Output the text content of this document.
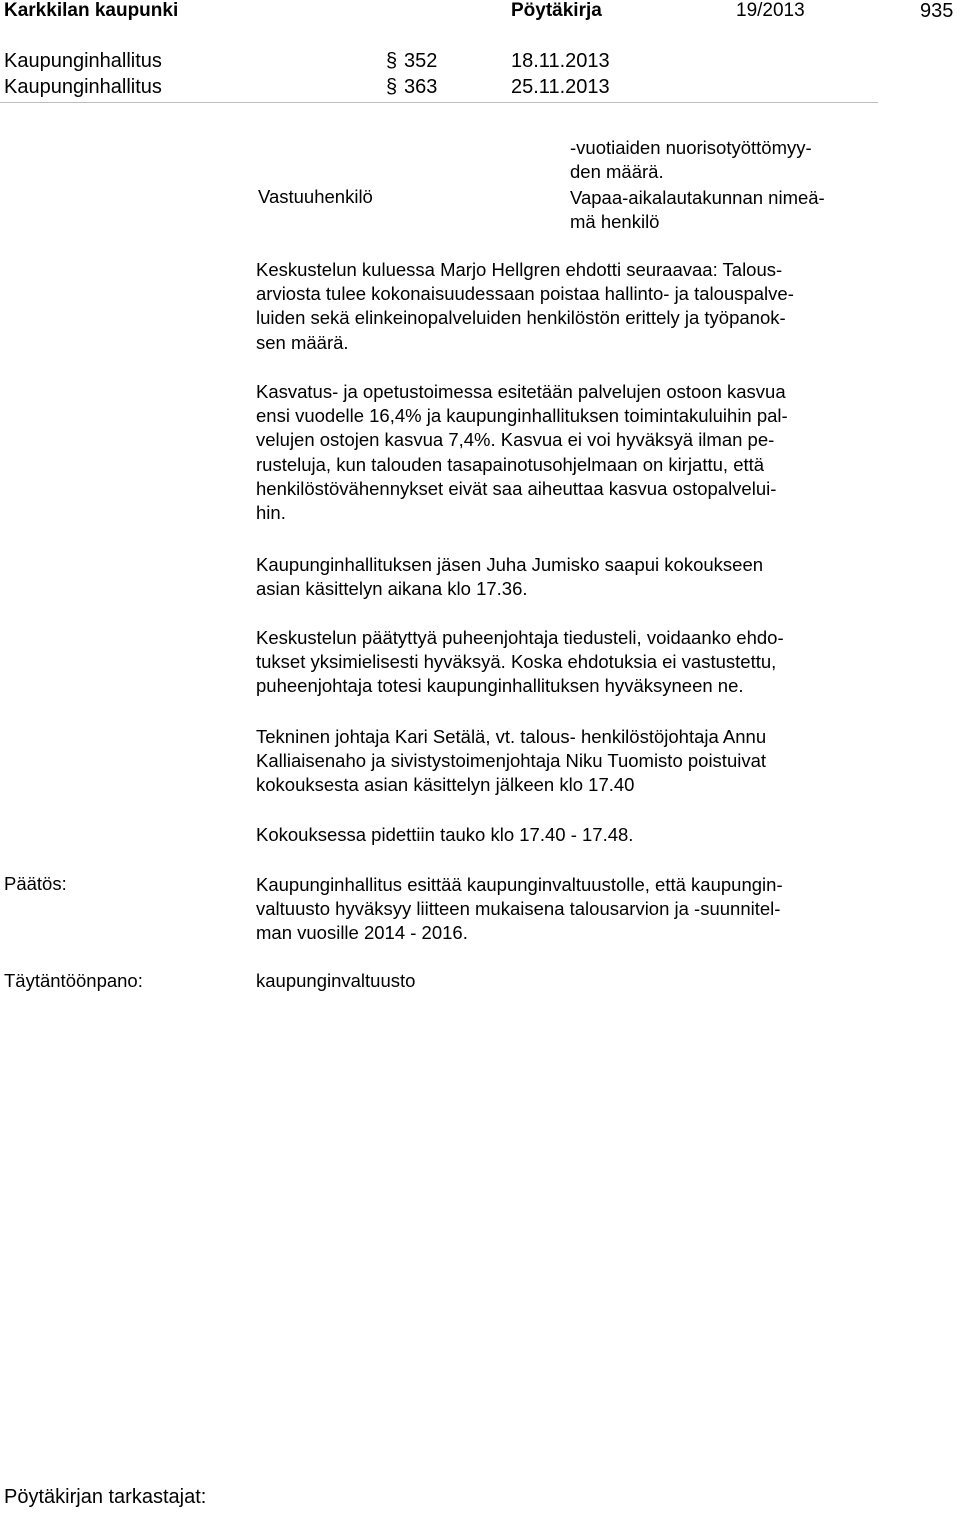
Karkkilan kaupunki	Pöytäkirja	19/2013	935
Kaupunginhallitus	§ 352	18.11.2013
Kaupunginhallitus	§ 363	25.11.2013
-vuotiaiden nuorisotyöttömyy-
den määrä.
Vastuuhenkilö	Vapaa-aikalautakunnan nimeä-
mä henkilö
Keskustelun kuluessa Marjo Hellgren ehdotti seuraavaa: Talous-
arviosta tulee kokonaisuudessaan poistaa hallinto- ja talouspalve-
luiden sekä elinkeinopalveluiden henkilöstön erittely ja työpanok-
sen määrä.
Kasvatus- ja opetustoimessa esitetään palvelujen ostoon kasvua
ensi vuodelle 16,4% ja kaupunginhallituksen toimintakuluihin pal-
velujen ostojen kasvua 7,4%. Kasvua ei voi hyväksyä ilman pe-
rusteluja, kun talouden tasapainotusohjelmaan on kirjattu, että
henkilöstövähennykset eivät saa aiheuttaa kasvua ostopalvelui-
hin.
Kaupunginhallituksen jäsen Juha Jumisko saapui kokoukseen
asian käsittelyn aikana klo 17.36.
Keskustelun päätyttyä puheenjohtaja tiedusteli, voidaanko ehdo-
tukset yksimielisesti hyväksyä. Koska ehdotuksia ei vastustettu,
puheenjohtaja totesi kaupunginhallituksen hyväksyneen ne.
Tekninen johtaja Kari Setälä, vt. talous- henkilöstöjohtaja Annu
Kalliaisenaho ja sivistystoimenjohtaja Niku Tuomisto poistuivat
kokouksesta asian käsittelyn jälkeen klo 17.40
Kokouksessa pidettiin tauko klo 17.40 - 17.48.
Päätös:	Kaupunginhallitus esittää kaupunginvaltuustolle, että kaupungin-
valtuusto hyväksyy liitteen mukaisena talousarvion ja -suunnitel-
man vuosille 2014 - 2016.
Täytäntöönpano:	kaupunginvaltuusto
Pöytäkirjan tarkastajat:
